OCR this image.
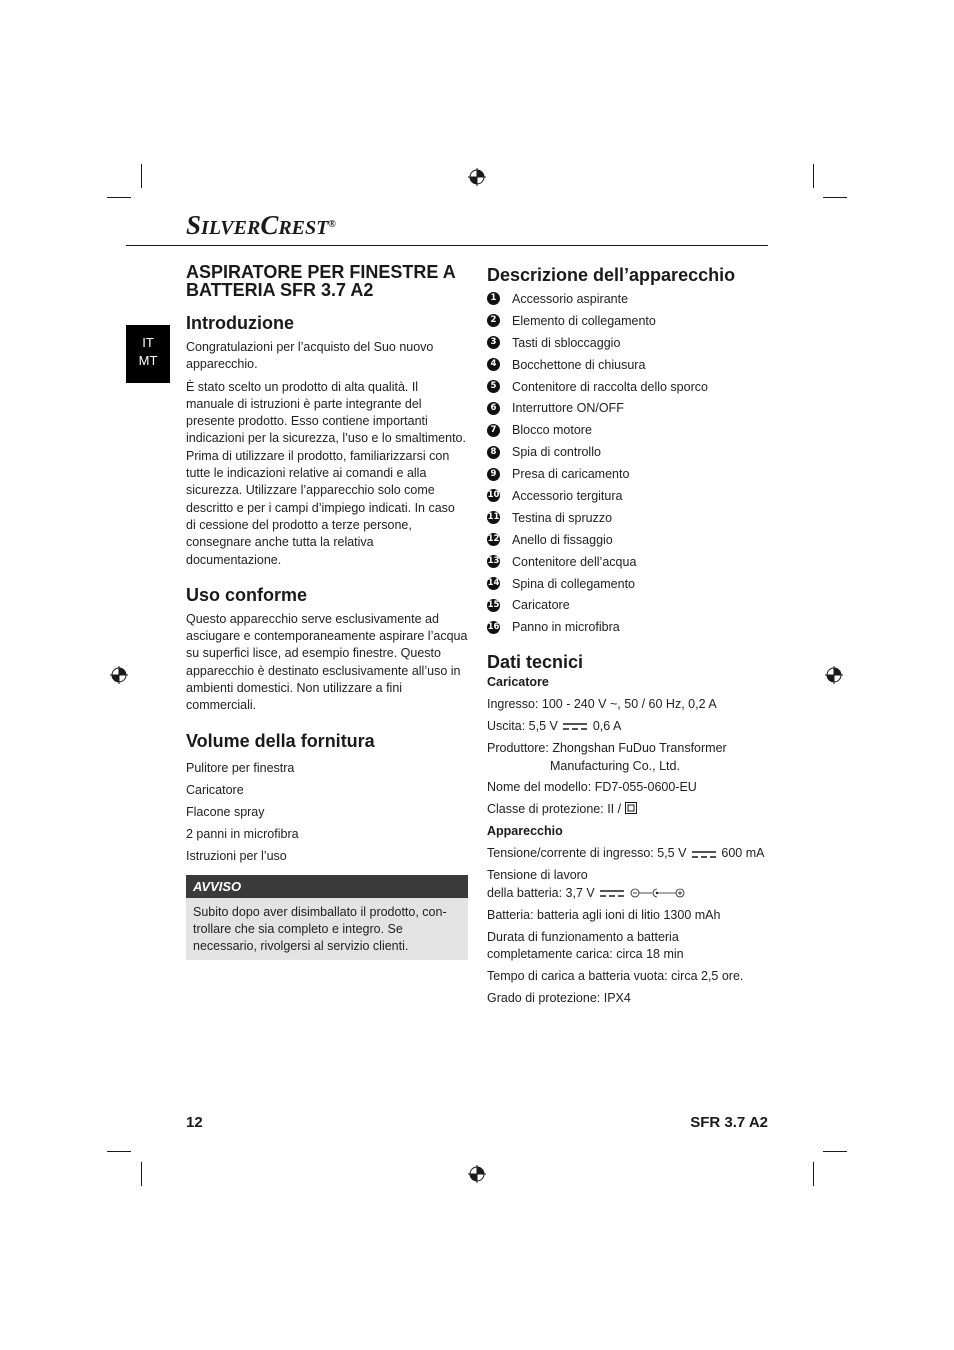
SILVERCREST®
IT
MT
ASPIRATORE PER FINESTRE A
BATTERIA SFR 3.7 A2
Introduzione

Congratulazioni per l’acquisto del Suo nuovo apparecchio.

È stato scelto un prodotto di alta qualità. Il manuale di istruzioni è parte integrante del presente prodotto. Esso contiene importanti indicazioni per la sicurezza, l’uso e lo smaltimento. Prima di utilizzare il prodotto, familiarizzarsi con tutte le indicazioni relative ai comandi e alla sicurezza. Utilizzare l’apparecchio solo come descritto e per i campi d’impiego indicati. In caso di cessione del prodotto a terze persone, consegnare anche tutta la relativa documentazione.

Uso conforme

Questo apparecchio serve esclusivamente ad asciugare e contemporaneamente aspirare l’acqua su superfici lisce, ad esempio finestre. Questo apparecchio è destinato esclusivamente all’uso in ambienti domestici. Non utilizzare a fini commerciali.

Volume della fornitura
Pulitore per finestra
Caricatore
Flacone spray
2 panni in microfibra
Istruzioni per l’uso
AVVISO

Subito dopo aver disimballato il prodotto, controllare che sia completo e integro. Se necessario, rivolgersi al servizio clienti.

Descrizione dell’apparecchio
1 Accessorio aspirante
2 Elemento di collegamento
3 Tasti di sbloccaggio
4 Bocchettone di chiusura
5 Contenitore di raccolta dello sporco
6 Interruttore ON/OFF
7 Blocco motore
8 Spia di controllo
9 Presa di caricamento
10 Accessorio tergitura
11 Testina di spruzzo
12 Anello di fissaggio
13 Contenitore dell’acqua
14 Spina di collegamento
15 Caricatore
16 Panno in microfibra
Dati tecnici

Caricatore

Ingresso: 100 - 240 V ~, 50 / 60 Hz, 0,2 A

Uscita: 5,5 V	0,6 A

Produttore: Zhongshan FuDuo Transformer
Manufacturing Co., Ltd.

Nome del modello: FD7-055-0600-EU

Classe di protezione: II /

Apparecchio

Tensione/corrente di ingresso: 5,5 V	600 mA

Tensione di lavoro
della batteria: 3,7 V

Batteria: batteria agli ioni di litio 1300 mAh

Durata di funzionamento a batteria
completamente carica: circa 18 min

Tempo di carica a batteria vuota: circa 2,5 ore.

Grado di protezione: IPX4

12	SFR 3.7 A2
